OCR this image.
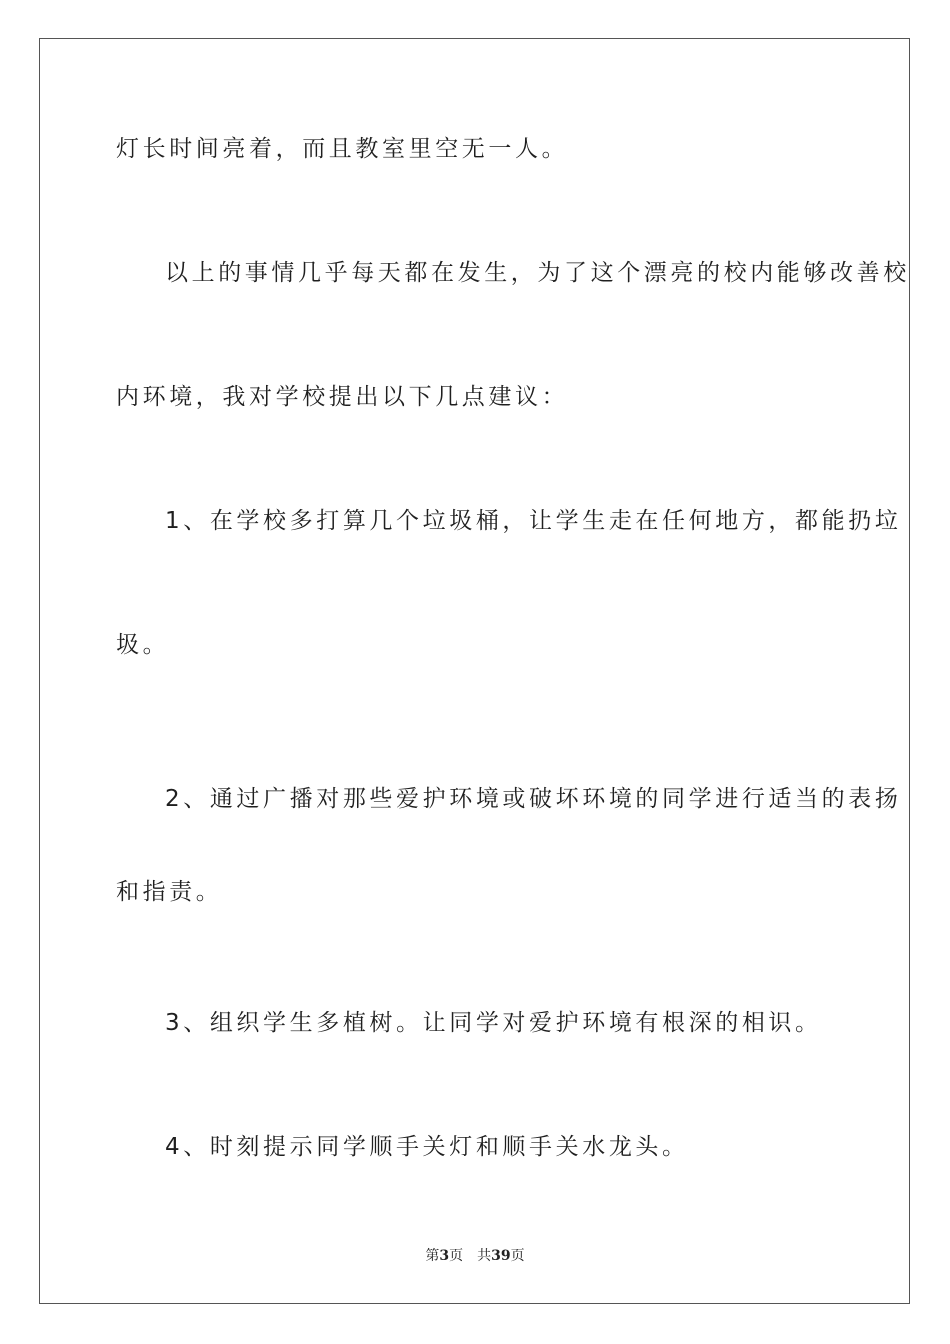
灯长时间亮着，而且教室里空无一人。
以上的事情几乎每天都在发生，为了这个漂亮的校内能够改善校
内环境，我对学校提出以下几点建议：
1、在学校多打算几个垃圾桶，让学生走在任何地方，都能扔垃
圾。
2、通过广播对那些爱护环境或破坏环境的同学进行适当的表扬
和指责。
3、组织学生多植树。让同学对爱护环境有根深的相识。
4、时刻提示同学顺手关灯和顺手关水龙头。
第3页 共39页
